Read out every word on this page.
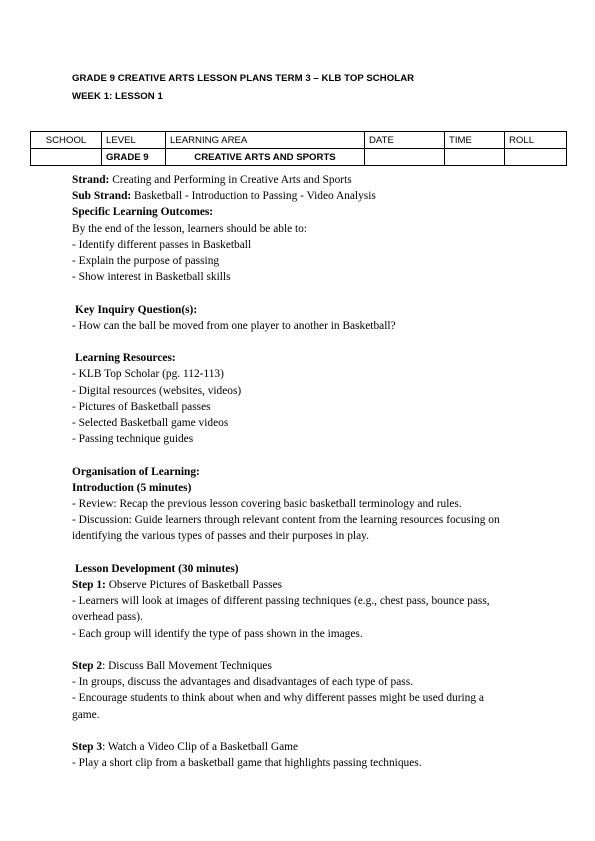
GRADE 9 CREATIVE ARTS LESSON PLANS TERM 3 – KLB TOP SCHOLAR
WEEK 1: LESSON 1
SCHOOL	LEVEL	LEARNING AREA	DATE	TIME	ROLL
	GRADE 9	CREATIVE ARTS AND SPORTS			

Strand: Creating and Performing in Creative Arts and Sports

Sub Strand: Basketball - Introduction to Passing - Video Analysis

Specific Learning Outcomes:

By the end of the lesson, learners should be able to:

- Identify different passes in Basketball

- Explain the purpose of passing

- Show interest in Basketball skills

Key Inquiry Question(s):

- How can the ball be moved from one player to another in Basketball?

Learning Resources:

- KLB Top Scholar (pg. 112-113)

- Digital resources (websites, videos)

- Pictures of Basketball passes

- Selected Basketball game videos

- Passing technique guides

Organisation of Learning:

Introduction (5 minutes)

- Review: Recap the previous lesson covering basic basketball terminology and rules.

- Discussion: Guide learners through relevant content from the learning resources focusing on

identifying the various types of passes and their purposes in play.

Lesson Development (30 minutes)

Step 1: Observe Pictures of Basketball Passes

- Learners will look at images of different passing techniques (e.g., chest pass, bounce pass,

overhead pass).

- Each group will identify the type of pass shown in the images.

Step 2: Discuss Ball Movement Techniques

- In groups, discuss the advantages and disadvantages of each type of pass.

- Encourage students to think about when and why different passes might be used during a

game.

Step 3: Watch a Video Clip of a Basketball Game

- Play a short clip from a basketball game that highlights passing techniques.
